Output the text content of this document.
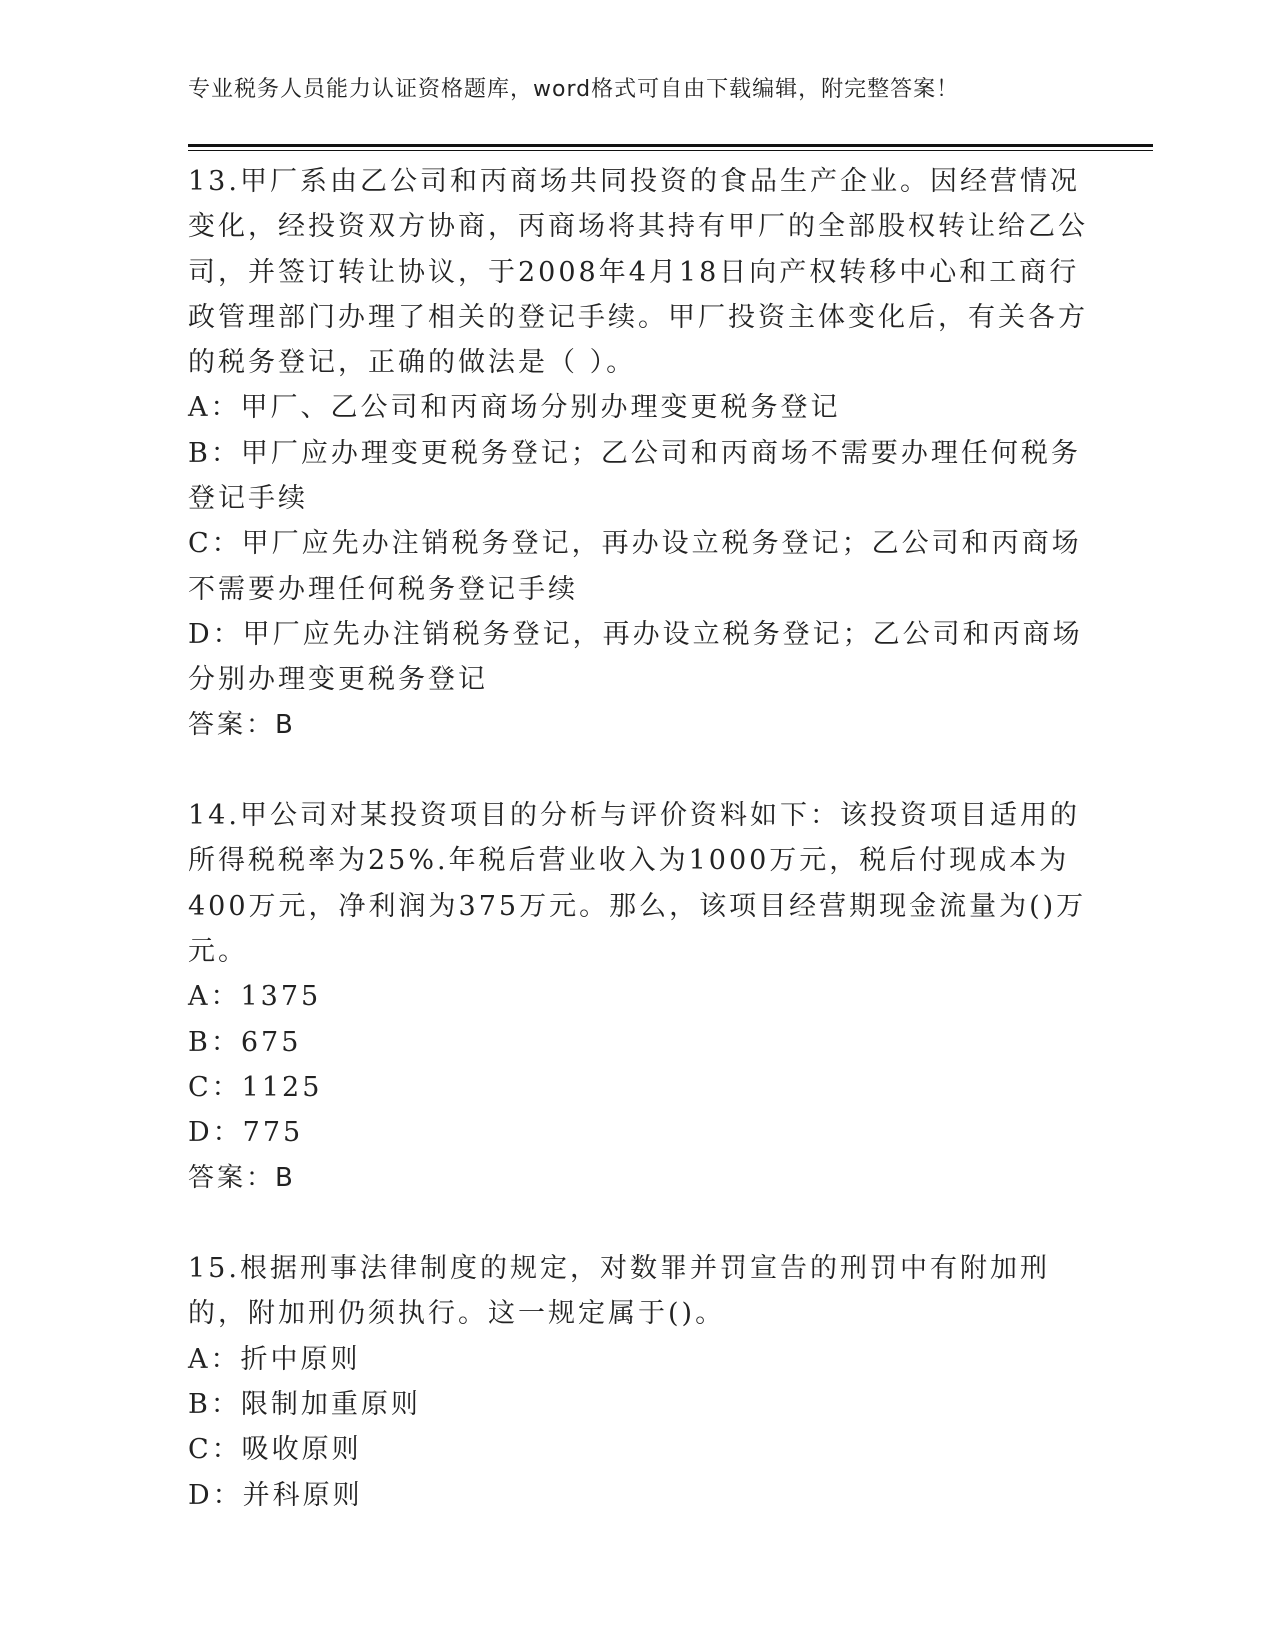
专业税务人员能力认证资格题库，word格式可自由下载编辑，附完整答案！

13.甲厂系由乙公司和丙商场共同投资的食品生产企业。因经营情况变化，经投资双方协商，丙商场将其持有甲厂的全部股权转让给乙公司，并签订转让协议，于2008年4月18日向产权转移中心和工商行政管理部门办理了相关的登记手续。甲厂投资主体变化后，有关各方的税务登记，正确的做法是（ ）。

A：甲厂、乙公司和丙商场分别办理变更税务登记

B：甲厂应办理变更税务登记；乙公司和丙商场不需要办理任何税务登记手续

C：甲厂应先办注销税务登记，再办设立税务登记；乙公司和丙商场不需要办理任何税务登记手续

D：甲厂应先办注销税务登记，再办设立税务登记；乙公司和丙商场分别办理变更税务登记

答案：B

14.甲公司对某投资项目的分析与评价资料如下：该投资项目适用的所得税税率为25%.年税后营业收入为1000万元，税后付现成本为400万元，净利润为375万元。那么，该项目经营期现金流量为()万元。

A：1375

B：675

C：1125

D：775

答案：B

15.根据刑事法律制度的规定，对数罪并罚宣告的刑罚中有附加刑的，附加刑仍须执行。这一规定属于()。

A：折中原则

B：限制加重原则

C：吸收原则

D：并科原则
